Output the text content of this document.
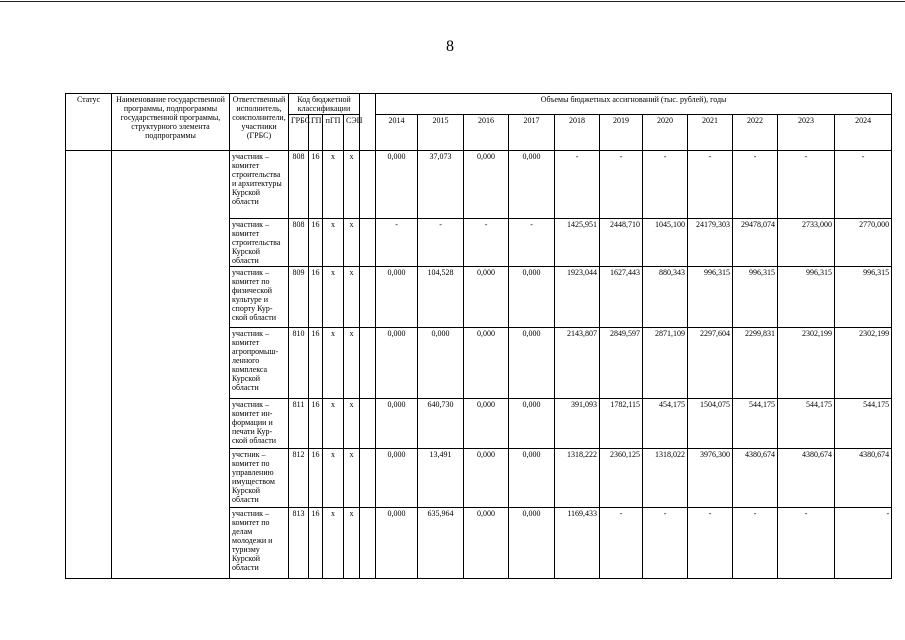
8
Статус	Наименование государственной программы, подпрограммы государственной программы, структурного элемента подпрограммы	Ответственный исполнитель, соисполнители, участники (ГРБС)	Код бюджетной классификации					Объемы бюджетных ассигнований (тыс. рублей), годы										
			ГРБС	ГП	пГП	СЭП		2014	2015	2016	2017	2018	2019	2020	2021	2022	2023	2024
		участник – комитет строительства и архитектуры Курской области	808	16	x	x		0,000	37,073	0,000	0,000	-	-	-	-	-	-	-
		участник – комитет строительства Курской области	808	16	x	x		-	-	-	-	1425,951	2448,710	1045,100	24179,303	29478,074	2733,000	2770,000
		участник – комитет по физической культуре и спорту Кур-ской области	809	16	x	x		0,000	104,528	0,000	0,000	1923,044	1627,443	880,343	996,315	996,315	996,315	996,315
		участник – комитет агропромыш-ленного комплекса Курской области	810	16	x	x		0,000	0,000	0,000	0,000	2143,807	2849,597	2871,109	2297,604	2299,831	2302,199	2302,199
		участник – комитет ин-формации и печати Кур-ской области	811	16	x	x		0,000	640,730	0,000	0,000	391,093	1782,115	454,175	1504,075	544,175	544,175	544,175
		учстник – комитет по управлению имуществом Курской области	812	16	x	x		0,000	13,491	0,000	0,000	1318,222	2360,125	1318,022	3976,300	4380,674	4380,674	4380,674
		участник – комитет по делам молодежи и туризму Курской области	813	16	x	x		0,000	635,964	0,000	0,000	1169,433	-	-	-	-	-	-
